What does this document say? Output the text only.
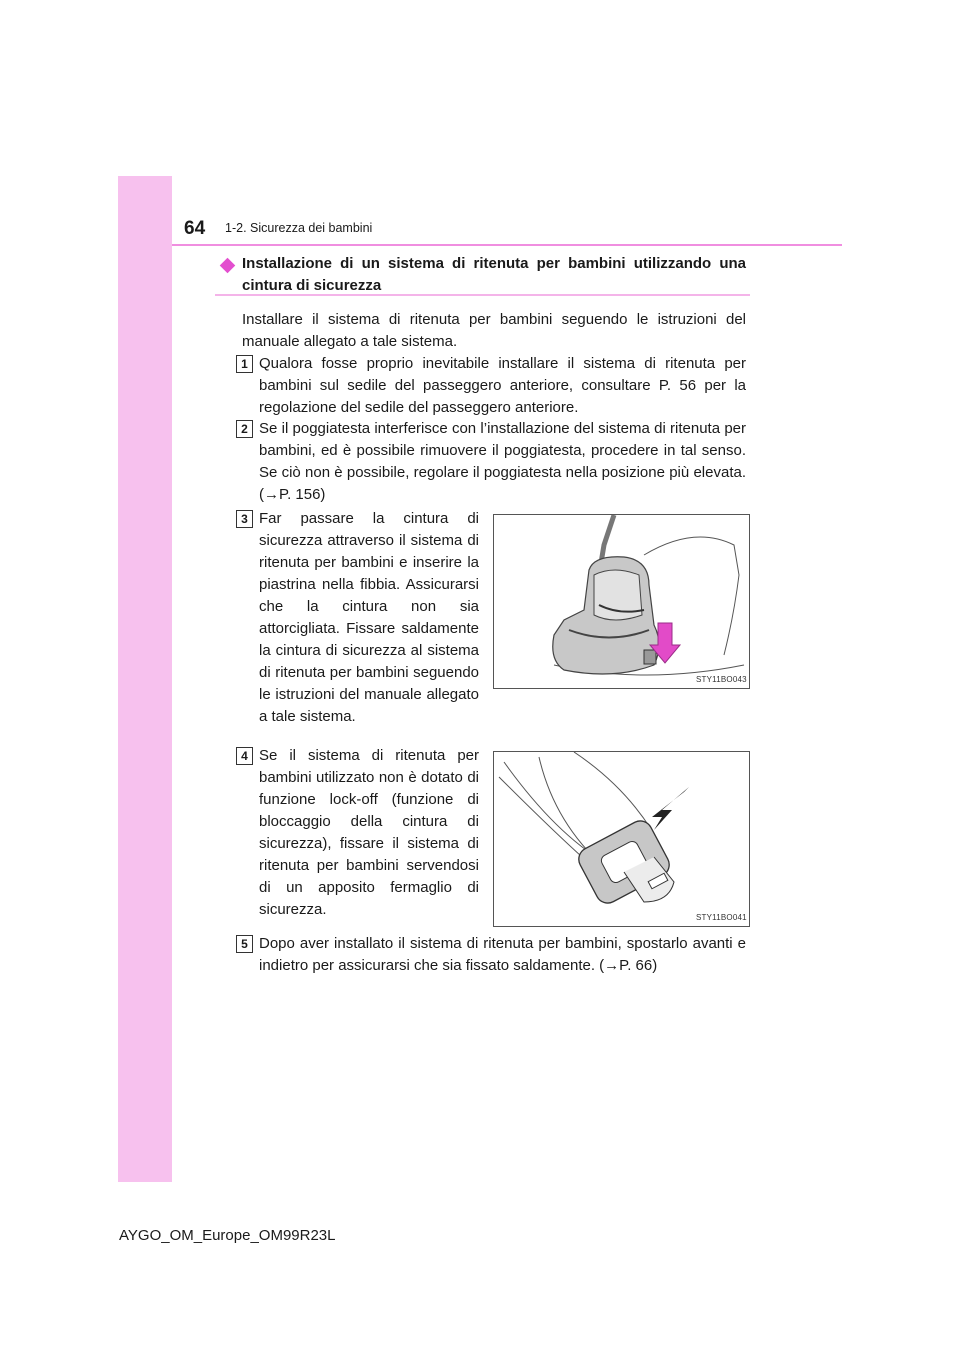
64 1-2. Sicurezza dei bambini
Installazione di un sistema di ritenuta per bambini utilizzando una cintura di sicurezza
Installare il sistema di ritenuta per bambini seguendo le istruzioni del manuale allegato a tale sistema.
1 Qualora fosse proprio inevitabile installare il sistema di ritenuta per bambini sul sedile del passeggero anteriore, consultare P. 56 per la regolazione del sedile del passeggero anteriore.
2 Se il poggiatesta interferisce con l’installazione del sistema di ritenuta per bambini, ed è possibile rimuovere il poggiatesta, procedere in tal senso. Se ciò non è possibile, regolare il poggiatesta nella posizione più elevata. (→P. 156)
3 Far passare la cintura di sicurezza attraverso il sistema di ritenuta per bambini e inserire la piastrina nella fibbia. Assicurarsi che la cintura non sia attorcigliata. Fissare saldamente la cintura di sicurezza al sistema di ritenuta per bambini seguendo le istruzioni del manuale allegato a tale sistema.
STY11BO043
4 Se il sistema di ritenuta per bambini utilizzato non è dotato di funzione lock-off (funzione di bloccaggio della cintura di sicurezza), fissare il sistema di ritenuta per bambini servendosi di un apposito fermaglio di sicurezza.	STY11BO041
5 Dopo aver installato il sistema di ritenuta per bambini, spostarlo avanti e indietro per assicurarsi che sia fissato saldamente. (→P. 66)
AYGO_OM_Europe_OM99R23L
